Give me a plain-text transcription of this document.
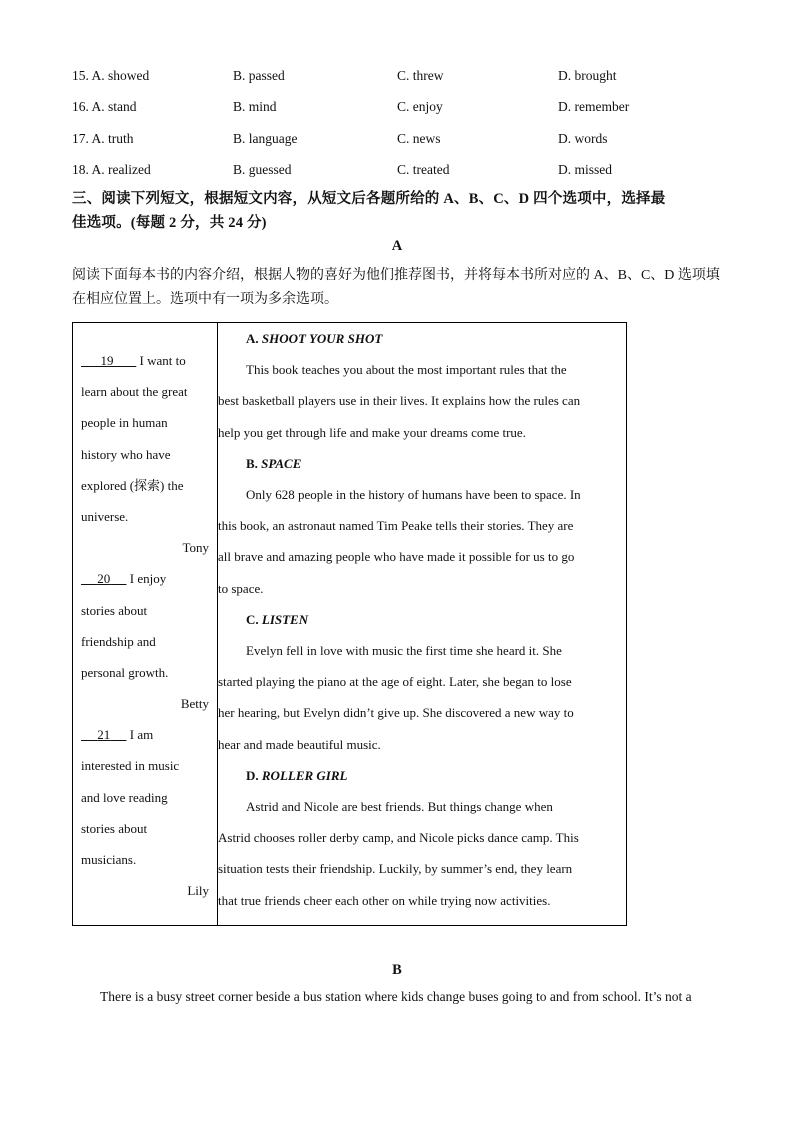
15. A. showed	B. passed	C. threw	D. brought
16. A. stand	B. mind	C. enjoy	D. remember
17. A. truth	B. language	C. news	D. words
18. A. realized	B. guessed	C. treated	D. missed
三、阅读下列短文，根据短文内容，从短文后各题所给的 A、B、C、D 四个选项中，选择最
佳选项。(每题 2 分，共 24 分)
A
阅读下面每本书的内容介绍，根据人物的喜好为他们推荐图书，并将每本书所对应的 A、B、C、D 选项填
在相应位置上。选项中有一项为多余选项。
19        I want to
learn about the great
people in human
history who have
explored (探索) the
universe.
Tony
20      I enjoy
stories about
friendship and
personal growth.
Betty
21      I am
interested in music
and love reading
stories about
musicians.
Lily

A. SHOOT YOUR SHOT

This book teaches you about the most important rules that the

best basketball players use in their lives. It explains how the rules can
help you get through life and make your dreams come true.
B. SPACE

Only 628 people in the history of humans have been to space. In

this book, an astronaut named Tim Peake tells their stories. They are
all brave and amazing people who have made it possible for us to go
to space.
C. LISTEN

Evelyn fell in love with music the first time she heard it. She

started playing the piano at the age of eight. Later, she began to lose
her hearing, but Evelyn didn’t give up. She discovered a new way to
hear and made beautiful music.
D. ROLLER GIRL

Astrid and Nicole are best friends. But things change when

Astrid chooses roller derby camp, and Nicole picks dance camp. This
situation tests their friendship. Luckily, by summer’s end, they learn
that true friends cheer each other on while trying now activities.
B
There is a busy street corner beside a bus station where kids change buses going to and from school. It’s not a
